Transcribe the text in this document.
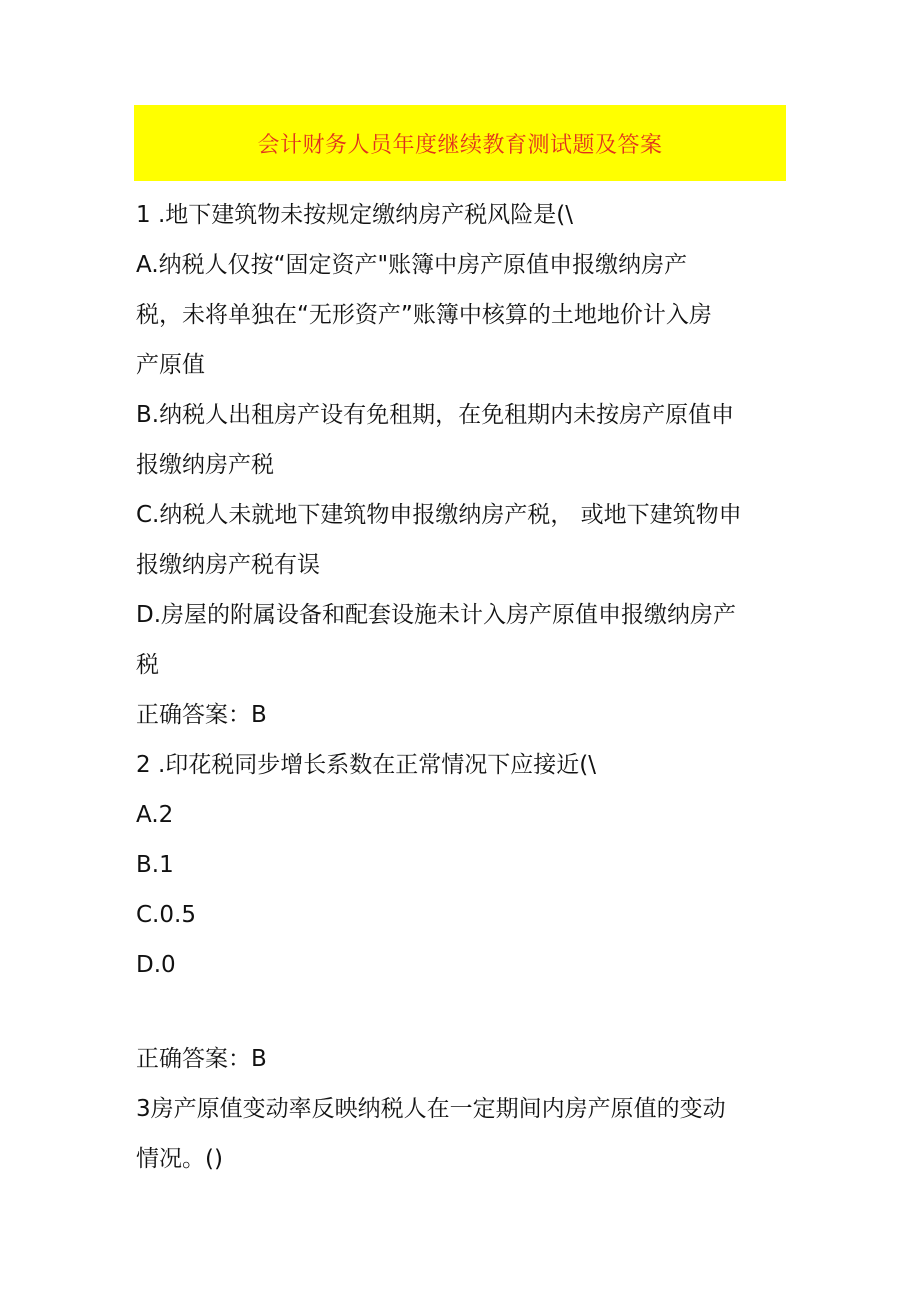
会计财务人员年度继续教育测试题及答案
1 .地下建筑物未按规定缴纳房产税风险是(\
A.纳税人仅按“固定资产"账簿中房产原值申报缴纳房产
税，未将单独在“无形资产”账簿中核算的土地地价计入房
产原值
B.纳税人出租房产设有免租期，在免租期内未按房产原值申
报缴纳房产税
C.纳税人未就地下建筑物申报缴纳房产税， 或地下建筑物申
报缴纳房产税有误
D.房屋的附属设备和配套设施未计入房产原值申报缴纳房产
税
正确答案：B
2 .印花税同步增长系数在正常情况下应接近(\
A.2
B.1
C.0.5
D.0
正确答案：B
3房产原值变动率反映纳税人在一定期间内房产原值的变动
情况。()
